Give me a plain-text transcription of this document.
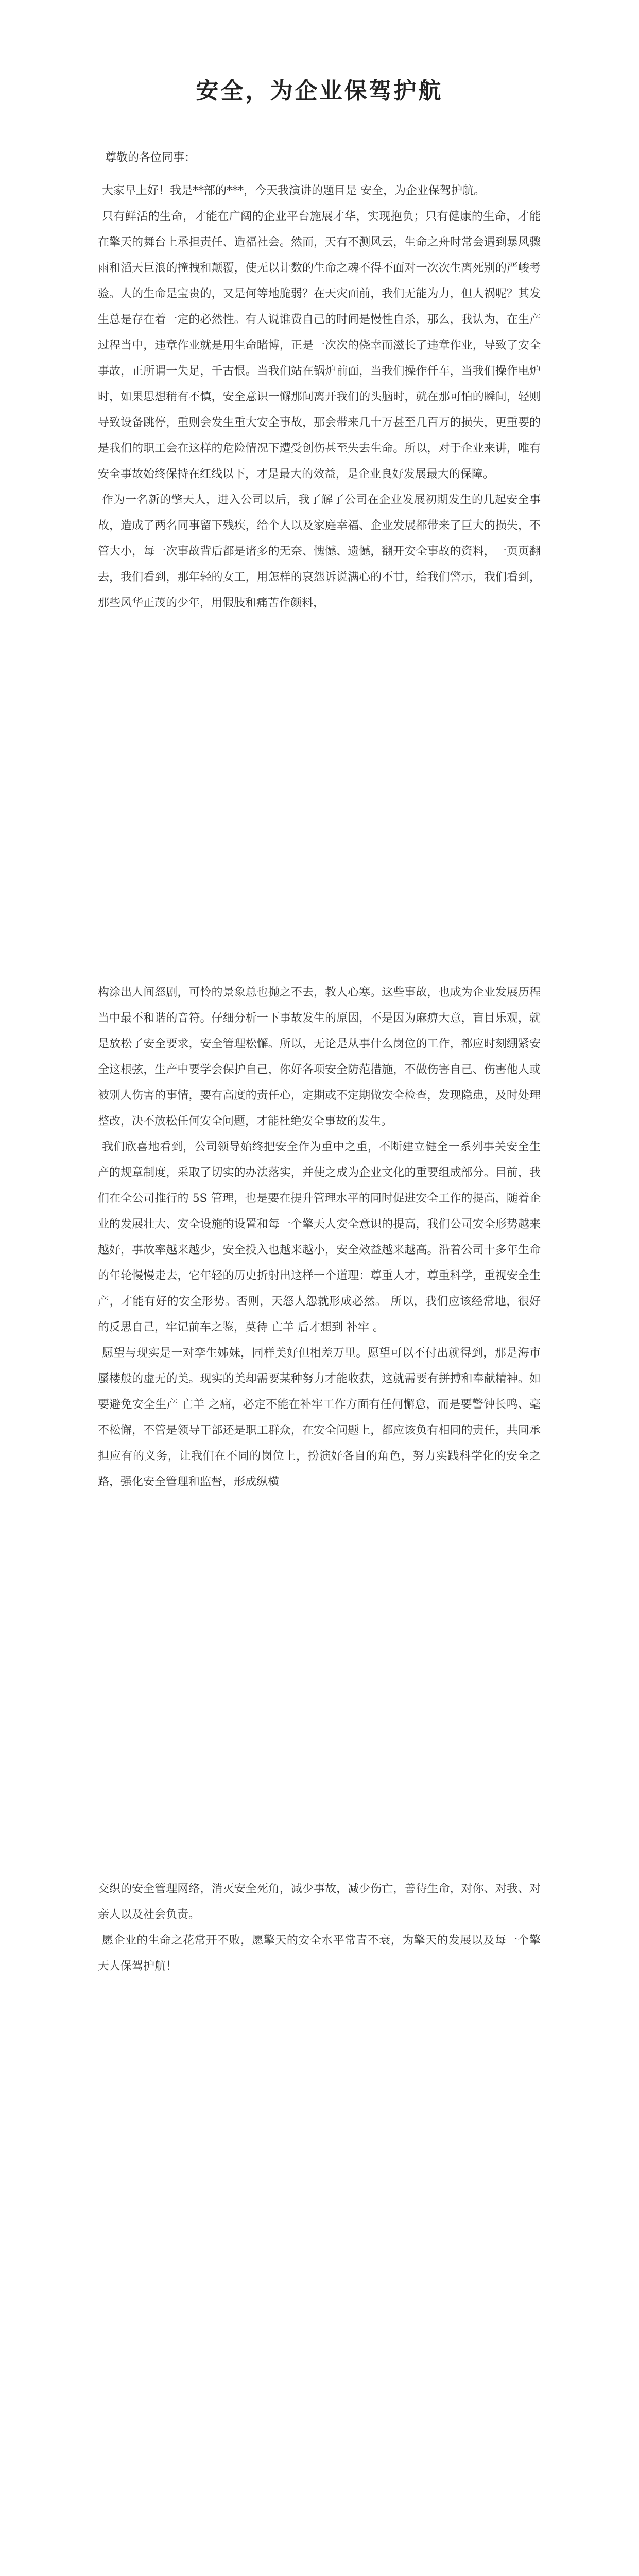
安全，为企业保驾护航

尊敬的各位同事：

大家早上好！我是**部的***，今天我演讲的题目是 安全，为企业保驾护航。

只有鲜活的生命，才能在广阔的企业平台施展才华，实现抱负；只有健康的生命，才能在擎天的舞台上承担责任、造福社会。然而，天有不测风云，生命之舟时常会遇到暴风骤雨和滔天巨浪的撞拽和颠覆，使无以计数的生命之魂不得不面对一次次生离死别的严峻考验。人的生命是宝贵的，又是何等地脆弱？在天灾面前，我们无能为力，但人祸呢？其发生总是存在着一定的必然性。有人说谁费自己的时间是慢性自杀，那么，我认为，在生产过程当中，违章作业就是用生命睹博，正是一次次的侥幸而滋长了违章作业，导致了安全事故，正所谓一失足，千古恨。当我们站在锅炉前面，当我们操作仟车，当我们操作电炉时，如果思想稍有不慎，安全意识一懈那间离开我们的头脑时，就在那可怕的瞬间，轻则导致设备跳停，重则会发生重大安全事故，那会带来几十万甚至几百万的损失，更重要的是我们的职工会在这样的危险情况下遭受创伤甚至失去生命。所以，对于企业来讲，唯有安全事故始终保持在红线以下，才是最大的效益，是企业良好发展最大的保障。

作为一名新的擎天人，进入公司以后，我了解了公司在企业发展初期发生的几起安全事故，造成了两名同事留下残疾，给个人以及家庭幸福、企业发展都带来了巨大的损失，不管大小，每一次事故背后都是诸多的无奈、愧憾、遗憾，翻开安全事故的资料，一页页翻去，我们看到，那年轻的女工，用怎样的哀怨诉说满心的不甘，给我们警示，我们看到，那些风华正茂的少年，用假肢和痛苦作颜料，

构涂出人间怒剧，可怜的景象总也抛之不去，教人心寒。这些事故，也成为企业发展历程当中最不和谐的音符。仔细分析一下事故发生的原因，不是因为麻痹大意，盲目乐观，就是放松了安全要求，安全管理松懈。所以，无论是从事什么岗位的工作，都应时刻绷紧安全这根弦，生产中要学会保护自己，你好各项安全防范措施，不做伤害自己、伤害他人或被别人伤害的事情，要有高度的责任心，定期或不定期做安全检查，发现隐患，及时处理整改，决不放松任何安全问题，才能杜绝安全事故的发生。

我们欣喜地看到，公司领导始终把安全作为重中之重，不断建立健全一系列事关安全生产的规章制度，采取了切实的办法落实，并使之成为企业文化的重要组成部分。目前，我们在全公司推行的 5S 管理，也是要在提升管理水平的同时促进安全工作的提高，随着企业的发展壮大、安全设施的设置和每一个擎天人安全意识的提高，我们公司安全形势越来越好，事故率越来越少，安全投入也越来越小，安全效益越来越高。沿着公司十多年生命的年轮慢慢走去，它年轻的历史折射出这样一个道理：尊重人才，尊重科学，重视安全生产，才能有好的安全形势。否则，天怒人怨就形成必然。 所以，我们应该经常地，很好的反思自己，牢记前车之鉴，莫待 亡羊 后才想到 补牢 。

愿望与现实是一对孪生姊妹，同样美好但相差万里。愿望可以不付出就得到，那是海市蜃楼般的虚无的美。现实的美却需要某种努力才能收获，这就需要有拼搏和奉献精神。如要避免安全生产 亡羊 之痛，必定不能在补牢工作方面有任何懈怠，而是要警钟长鸣、毫不松懈，不管是领导干部还是职工群众，在安全问题上，都应该负有相同的责任，共同承担应有的义务，让我们在不同的岗位上，扮演好各自的角色，努力实践科学化的安全之路，强化安全管理和监督，形成纵横

交织的安全管理网络，消灭安全死角，减少事故，减少伤亡，善待生命，对你、对我、对亲人以及社会负责。

愿企业的生命之花常开不败，愿擎天的安全水平常青不衰，为擎天的发展以及每一个擎天人保驾护航！
